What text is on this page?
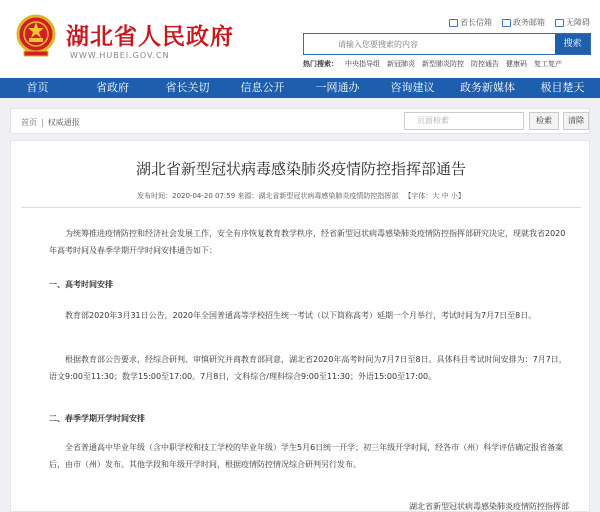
湖北省人民政府
WWW.HUBEI.GOV.CN
省长信箱	政务邮箱	无障碍
请输入您要搜索的内容
搜索
热门搜索： 中央指导组 新冠肺炎 新型肺炎防控 防控通告 健康码 复工复产
首页	省政府	省长关切	信息公开	一网通办	咨询建议	政务新媒体	极目楚天
首页 | 权威通报	页面检索	检索	清除
湖北省新型冠状病毒感染肺炎疫情防控指挥部通告
发布时间：2020-04-20 07:59 来源：湖北省新型冠状病毒感染肺炎疫情防控指挥部 【字体：大 中 小】
为统筹推进疫情防控和经济社会发展工作，安全有序恢复教育教学秩序，经省新型冠状病毒感染肺炎疫情防控指挥部研究决定，现就我省2020年高考时间及春季学期开学时间安排通告如下：
一、高考时间安排
教育部2020年3月31日公告，2020年全国普通高等学校招生统一考试（以下简称高考）延期一个月举行，考试时间为7月7日至8日。
根据教育部公告要求，经综合研判、审慎研究并商教育部同意，湖北省2020年高考时间为7月7日至8日。具体科目考试时间安排为：7月7日，语文9:00至11:30；数学15:00至17:00。7月8日，文科综合/理科综合9:00至11:30；外语15:00至17:00。
二、春季学期开学时间安排
全省普通高中毕业年级（含中职学校和技工学校的毕业年级）学生5月6日统一开学；初三年级开学时间，经各市（州）科学评估确定报省备案后，由市（州）发布。其他学段和年级开学时间，根据疫情防控情况综合研判另行发布。
湖北省新型冠状病毒感染肺炎疫情防控指挥部
